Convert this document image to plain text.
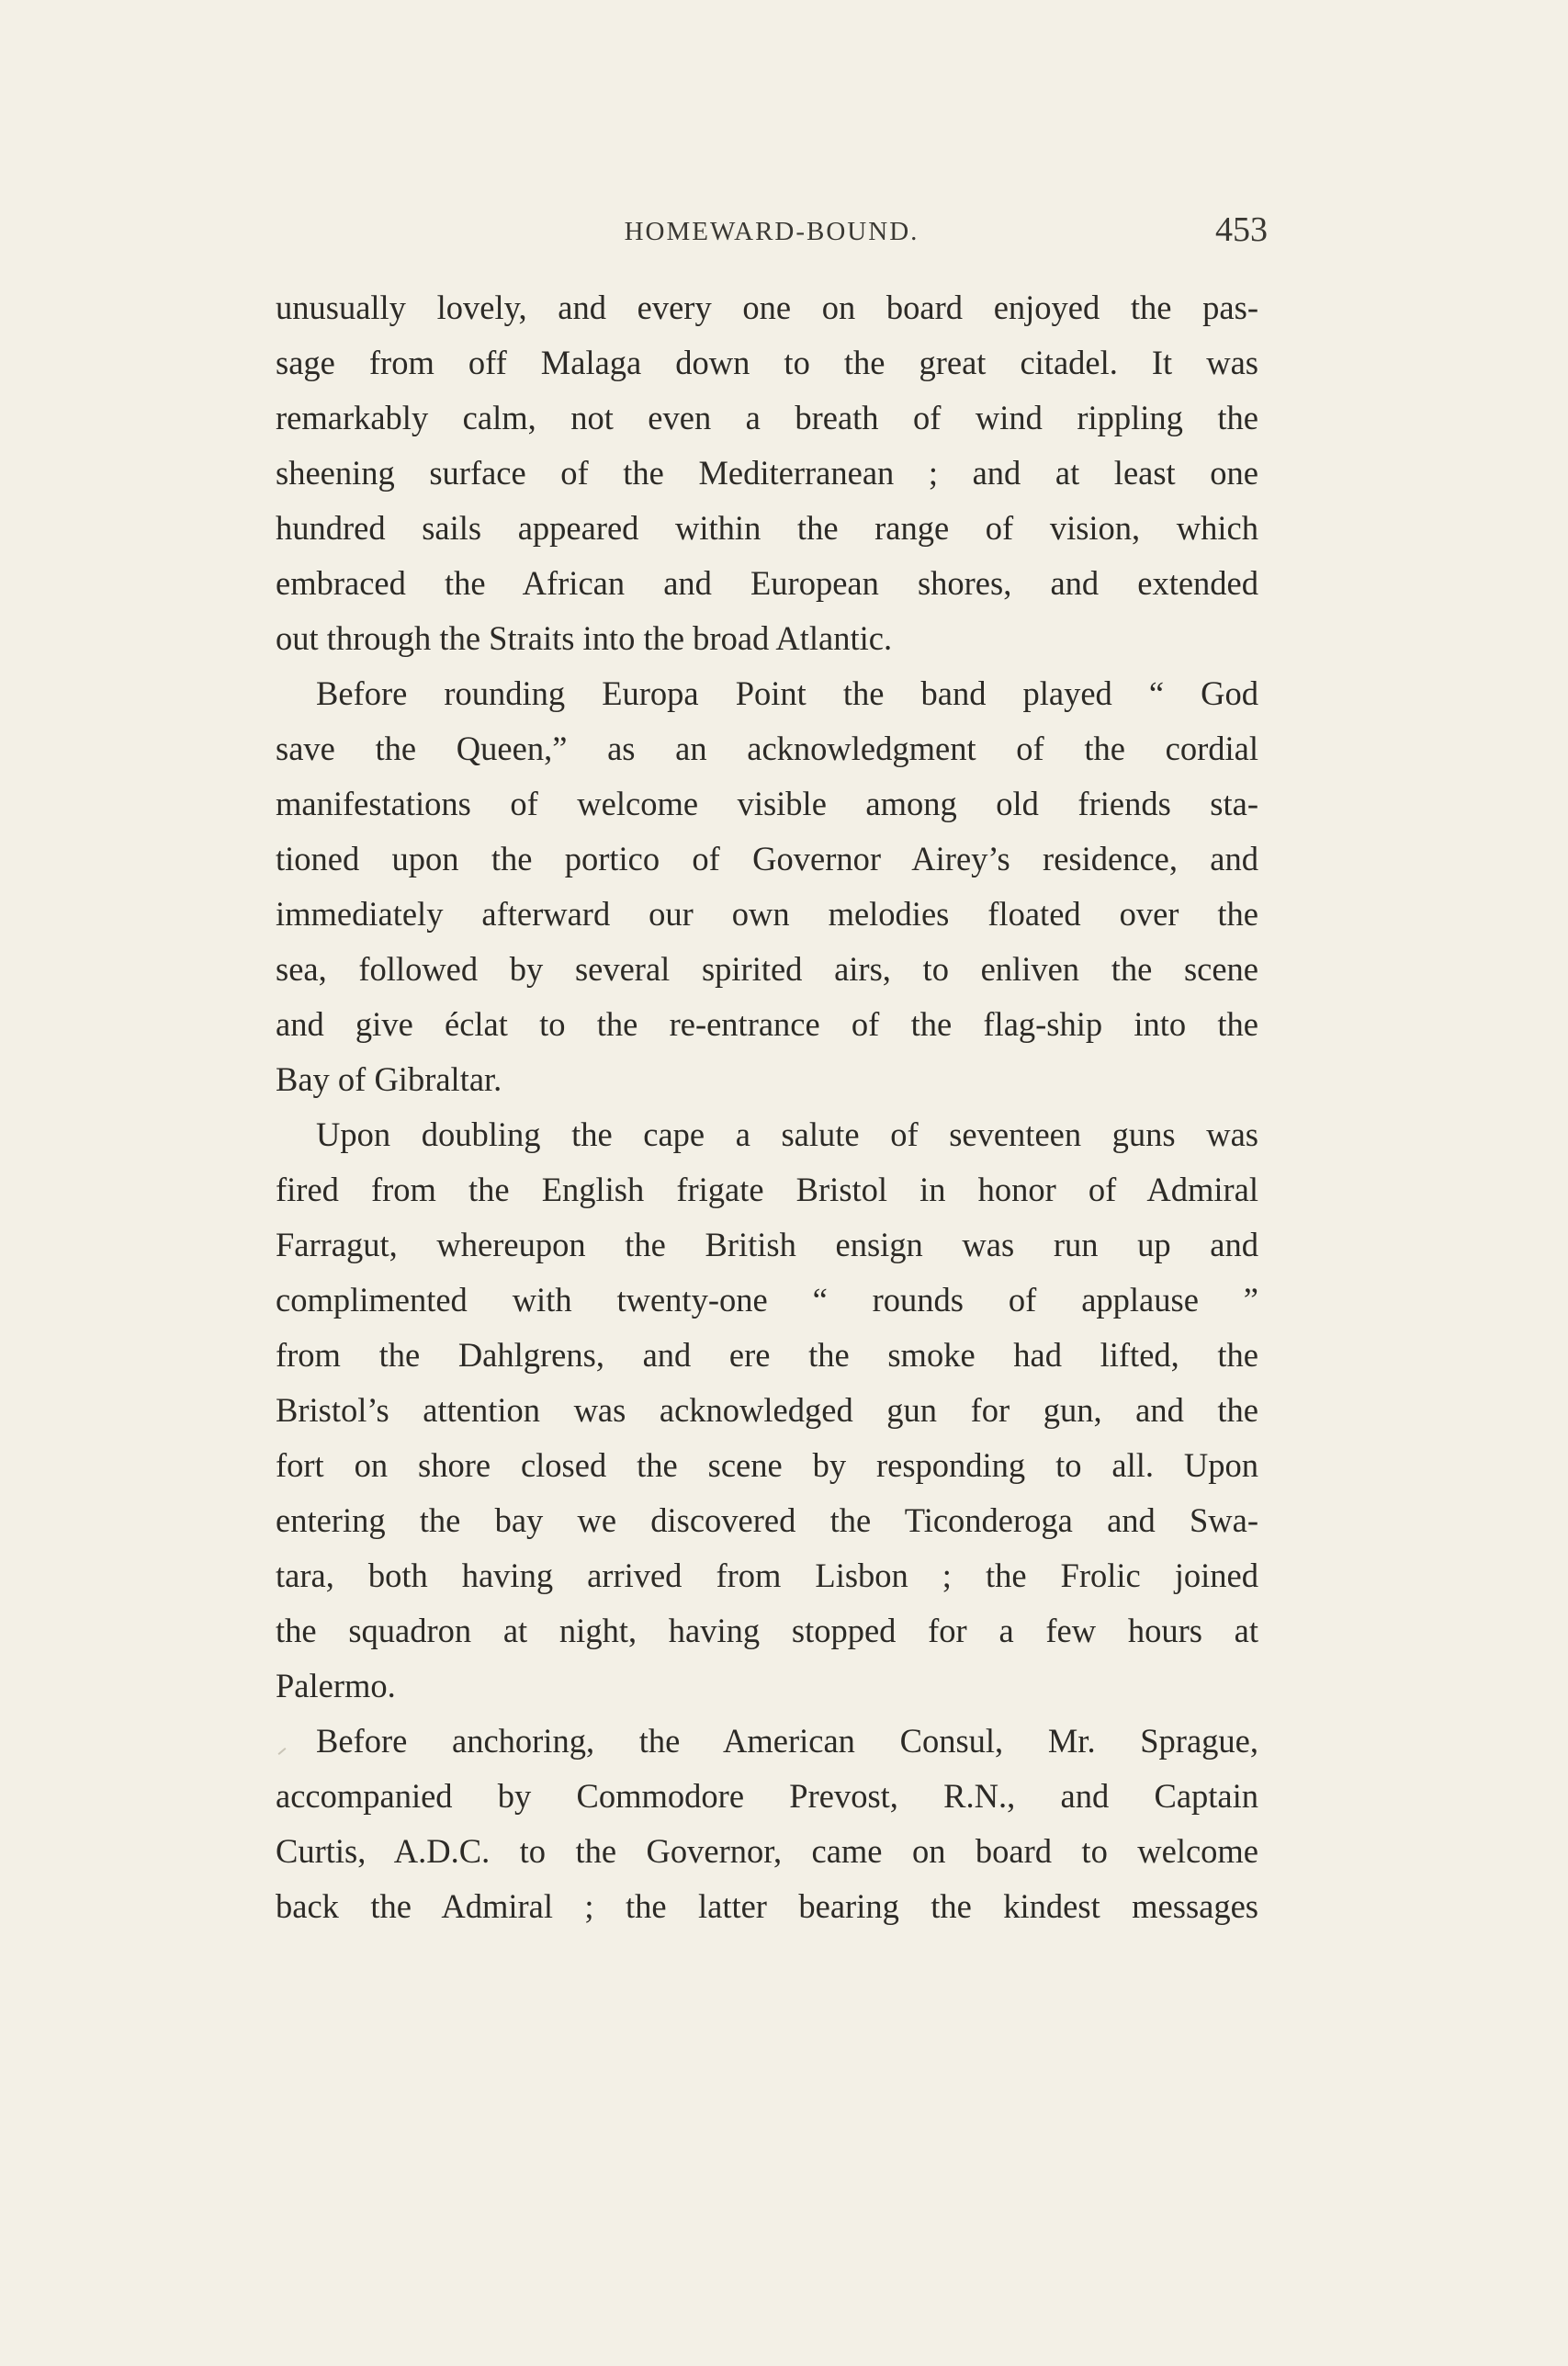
HOMEWARD-BOUND.	453
unusually lovely, and every one on board enjoyed the pas-
sage from off Malaga down to the great citadel. It was
remarkably calm, not even a breath of wind rippling the
sheening surface of the Mediterranean ; and at least one
hundred sails appeared within the range of vision, which
embraced the African and European shores, and extended
out through the Straits into the broad Atlantic.
Before rounding Europa Point the band played “ God
save the Queen,” as an acknowledgment of the cordial
manifestations of welcome visible among old friends sta-
tioned upon the portico of Governor Airey’s residence, and
immediately afterward our own melodies floated over the
sea, followed by several spirited airs, to enliven the scene
and give éclat to the re-entrance of the flag-ship into the
Bay of Gibraltar.
Upon doubling the cape a salute of seventeen guns was
fired from the English frigate Bristol in honor of Admiral
Farragut, whereupon the British ensign was run up and
complimented with twenty-one “ rounds of applause ”
from the Dahlgrens, and ere the smoke had lifted, the
Bristol’s attention was acknowledged gun for gun, and the
fort on shore closed the scene by responding to all. Upon
entering the bay we discovered the Ticonderoga and Swa-
tara, both having arrived from Lisbon ; the Frolic joined
the squadron at night, having stopped for a few hours at
Palermo.
Before anchoring, the American Consul, Mr. Sprague,
accompanied by Commodore Prevost, R.N., and Captain
Curtis, A.D.C. to the Governor, came on board to welcome
back the Admiral ; the latter bearing the kindest messages
